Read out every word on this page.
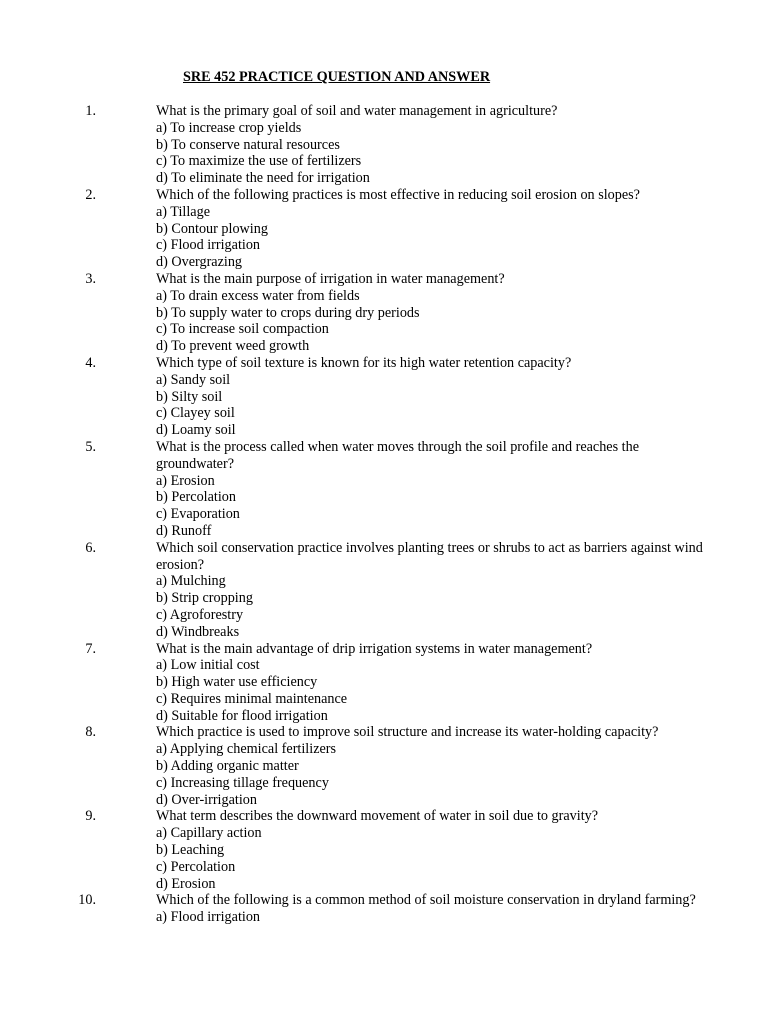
SRE 452 PRACTICE QUESTION AND ANSWER
1.	What is the primary goal of soil and water management in agriculture?
a) To increase crop yields
b) To conserve natural resources
c) To maximize the use of fertilizers
d) To eliminate the need for irrigation
2.	Which of the following practices is most effective in reducing soil erosion on slopes?
a) Tillage
b) Contour plowing
c) Flood irrigation
d) Overgrazing
3.	What is the main purpose of irrigation in water management?
a) To drain excess water from fields
b) To supply water to crops during dry periods
c) To increase soil compaction
d) To prevent weed growth
4.	Which type of soil texture is known for its high water retention capacity?
a) Sandy soil
b) Silty soil
c) Clayey soil
d) Loamy soil
5.	What is the process called when water moves through the soil profile and reaches the groundwater?
a) Erosion
b) Percolation
c) Evaporation
d) Runoff
6.	Which soil conservation practice involves planting trees or shrubs to act as barriers against wind erosion?
a) Mulching
b) Strip cropping
c) Agroforestry
d) Windbreaks
7.	What is the main advantage of drip irrigation systems in water management?
a) Low initial cost
b) High water use efficiency
c) Requires minimal maintenance
d) Suitable for flood irrigation
8.	Which practice is used to improve soil structure and increase its water-holding capacity?
a) Applying chemical fertilizers
b) Adding organic matter
c) Increasing tillage frequency
d) Over-irrigation
9.	What term describes the downward movement of water in soil due to gravity?
a) Capillary action
b) Leaching
c) Percolation
d) Erosion
10.	Which of the following is a common method of soil moisture conservation in dryland farming?
a) Flood irrigation
